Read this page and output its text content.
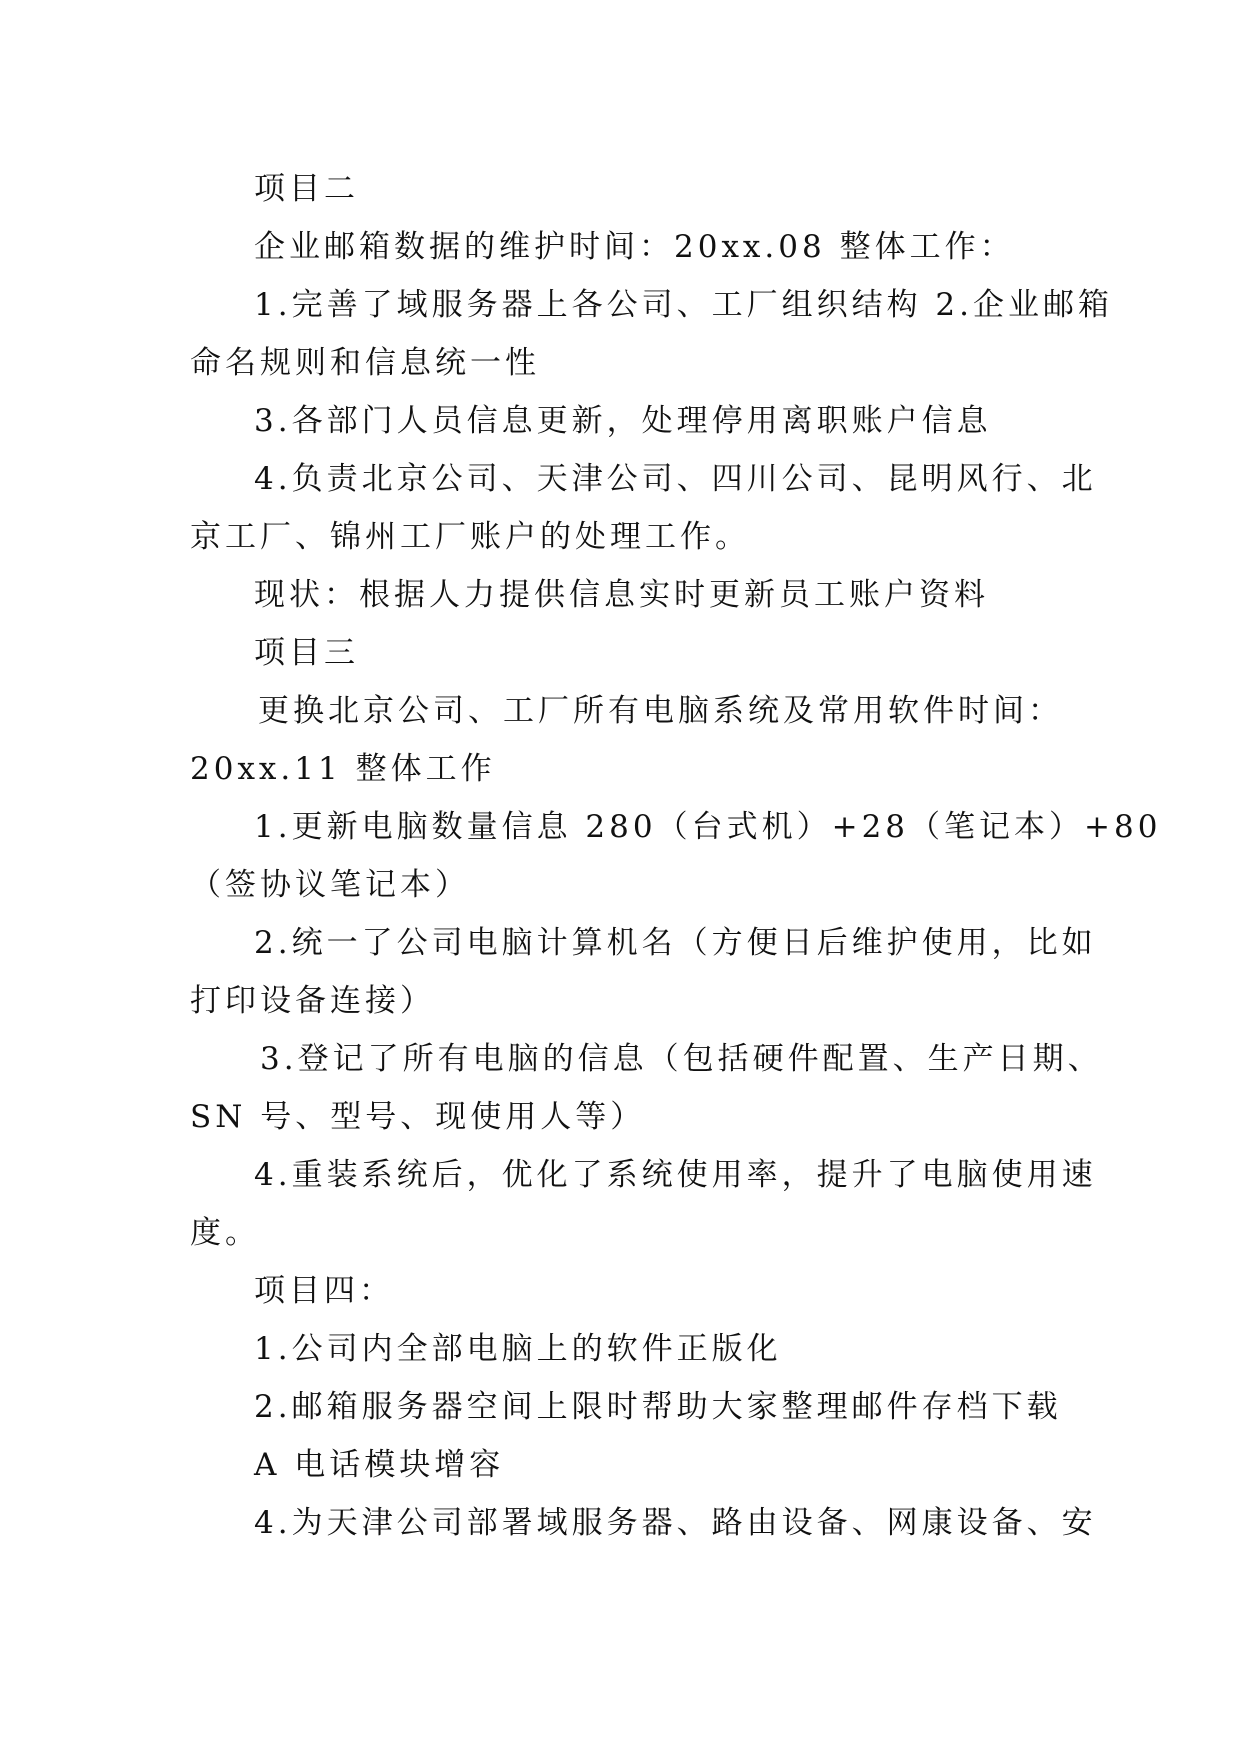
项目二
企业邮箱数据的维护时间：20xx.08 整体工作：
1.完善了域服务器上各公司、工厂组织结构 2.企业邮箱
命名规则和信息统一性
3.各部门人员信息更新，处理停用离职账户信息
4.负责北京公司、天津公司、四川公司、昆明风行、北
京工厂、锦州工厂账户的处理工作。
现状：根据人力提供信息实时更新员工账户资料
项目三
更换北京公司、工厂所有电脑系统及常用软件时间：
20xx.11 整体工作
1.更新电脑数量信息 280（台式机）+28（笔记本）+80
（签协议笔记本）
2.统一了公司电脑计算机名（方便日后维护使用，比如
打印设备连接）
3.登记了所有电脑的信息（包括硬件配置、生产日期、
SN 号、型号、现使用人等）
4.重装系统后，优化了系统使用率，提升了电脑使用速
度。
项目四：
1.公司内全部电脑上的软件正版化
2.邮箱服务器空间上限时帮助大家整理邮件存档下载
A 电话模块增容
4.为天津公司部署域服务器、路由设备、网康设备、安
